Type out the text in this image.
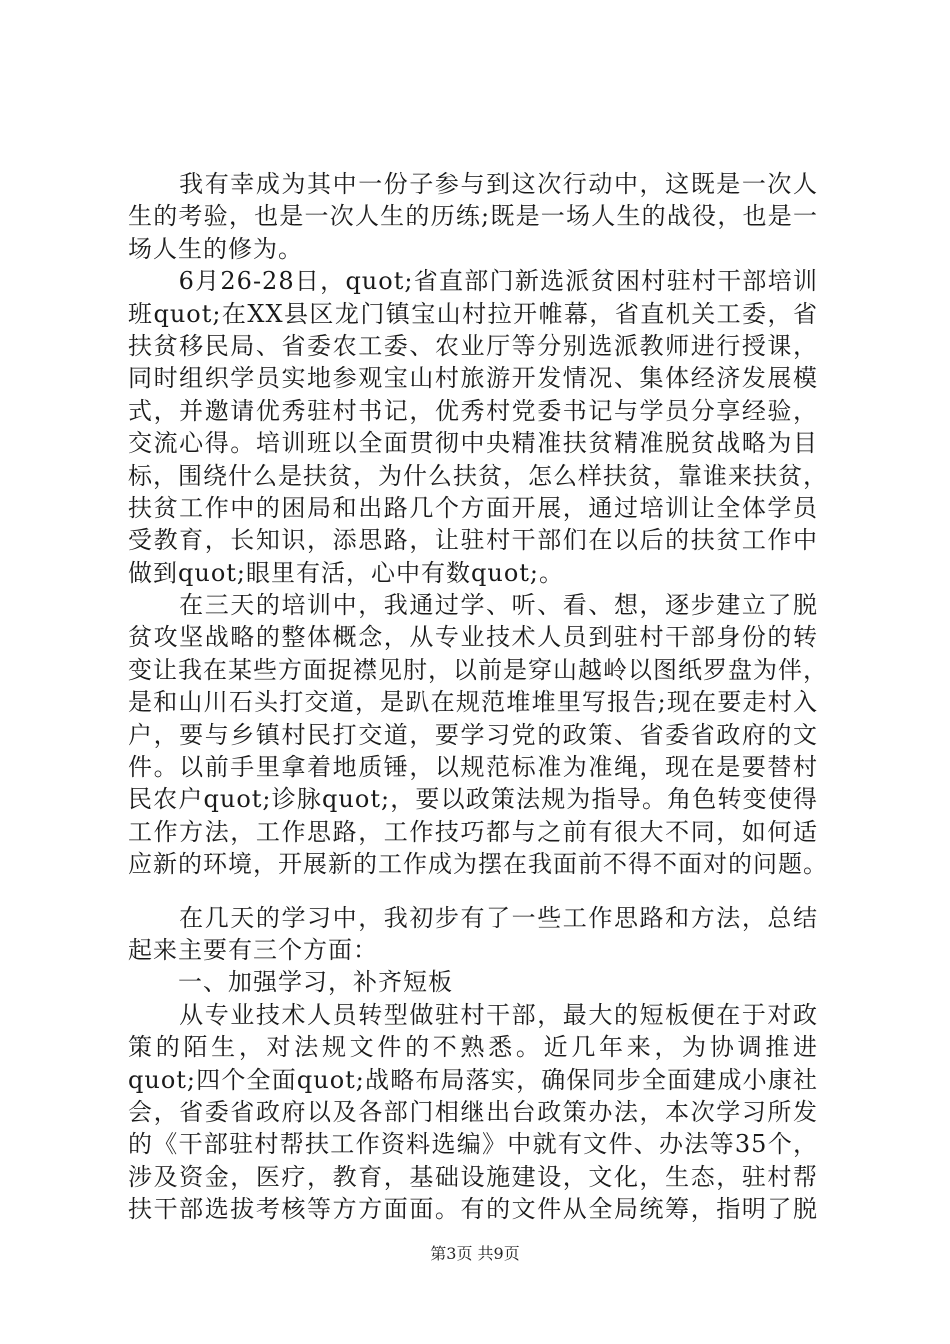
　　我有幸成为其中一份子参与到这次行动中，这既是一次人
生的考验，也是一次人生的历练;既是一场人生的战役，也是一
场人生的修为。
　　6月26-28日，quot;省直部门新选派贫困村驻村干部培训
班quot;在XX县区龙门镇宝山村拉开帷幕，省直机关工委，省
扶贫移民局、省委农工委、农业厅等分别选派教师进行授课，
同时组织学员实地参观宝山村旅游开发情况、集体经济发展模
式，并邀请优秀驻村书记，优秀村党委书记与学员分享经验，
交流心得。培训班以全面贯彻中央精准扶贫精准脱贫战略为目
标，围绕什么是扶贫，为什么扶贫，怎么样扶贫，靠谁来扶贫，
扶贫工作中的困局和出路几个方面开展，通过培训让全体学员
受教育，长知识，添思路，让驻村干部们在以后的扶贫工作中
做到quot;眼里有活，心中有数quot;。
　　在三天的培训中，我通过学、听、看、想，逐步建立了脱
贫攻坚战略的整体概念，从专业技术人员到驻村干部身份的转
变让我在某些方面捉襟见肘，以前是穿山越岭以图纸罗盘为伴，
是和山川石头打交道，是趴在规范堆堆里写报告;现在要走村入
户，要与乡镇村民打交道，要学习党的政策、省委省政府的文
件。以前手里拿着地质锤，以规范标准为准绳，现在是要替村
民农户quot;诊脉quot;，要以政策法规为指导。角色转变使得
工作方法，工作思路，工作技巧都与之前有很大不同，如何适
应新的环境，开展新的工作成为摆在我面前不得不面对的问题。
　　在几天的学习中，我初步有了一些工作思路和方法，总结
起来主要有三个方面：
　　一、加强学习，补齐短板
　　从专业技术人员转型做驻村干部，最大的短板便在于对政
策的陌生，对法规文件的不熟悉。近几年来，为协调推进
quot;四个全面quot;战略布局落实，确保同步全面建成小康社
会，省委省政府以及各部门相继出台政策办法，本次学习所发
的《干部驻村帮扶工作资料选编》中就有文件、办法等35个，
涉及资金，医疗，教育，基础设施建设，文化，生态，驻村帮
扶干部选拔考核等方方面面。有的文件从全局统筹，指明了脱
第3页 共9页
